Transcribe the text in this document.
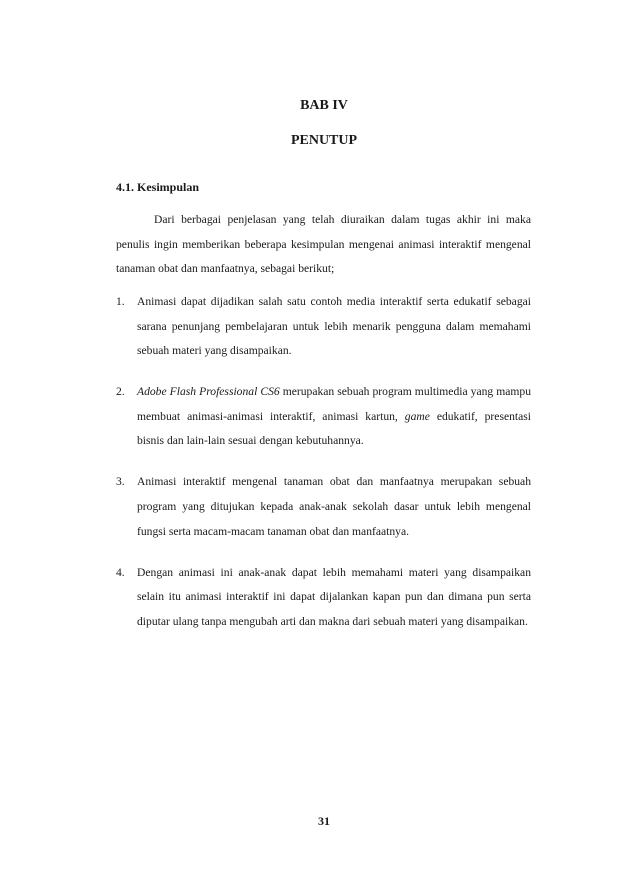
BAB IV
PENUTUP
4.1. Kesimpulan

Dari berbagai penjelasan yang telah diuraikan dalam tugas akhir ini maka penulis ingin memberikan beberapa kesimpulan mengenai animasi interaktif mengenal tanaman obat dan manfaatnya, sebagai berikut;

1.	Animasi dapat dijadikan salah satu contoh media interaktif serta edukatif sebagai sarana penunjang pembelajaran untuk lebih menarik pengguna dalam memahami sebuah materi yang disampaikan.
2.	Adobe Flash Professional CS6 merupakan sebuah program multimedia yang mampu membuat animasi-animasi interaktif, animasi kartun, game edukatif, presentasi bisnis dan lain-lain sesuai dengan kebutuhannya.
3.	Animasi interaktif mengenal tanaman obat dan manfaatnya merupakan sebuah program yang ditujukan kepada anak-anak sekolah dasar untuk lebih mengenal fungsi serta macam-macam tanaman obat dan manfaatnya.
4.	Dengan animasi ini anak-anak dapat lebih memahami materi yang disampaikan selain itu animasi interaktif ini dapat dijalankan kapan pun dan dimana pun serta diputar ulang tanpa mengubah arti dan makna dari sebuah materi yang disampaikan.
31
